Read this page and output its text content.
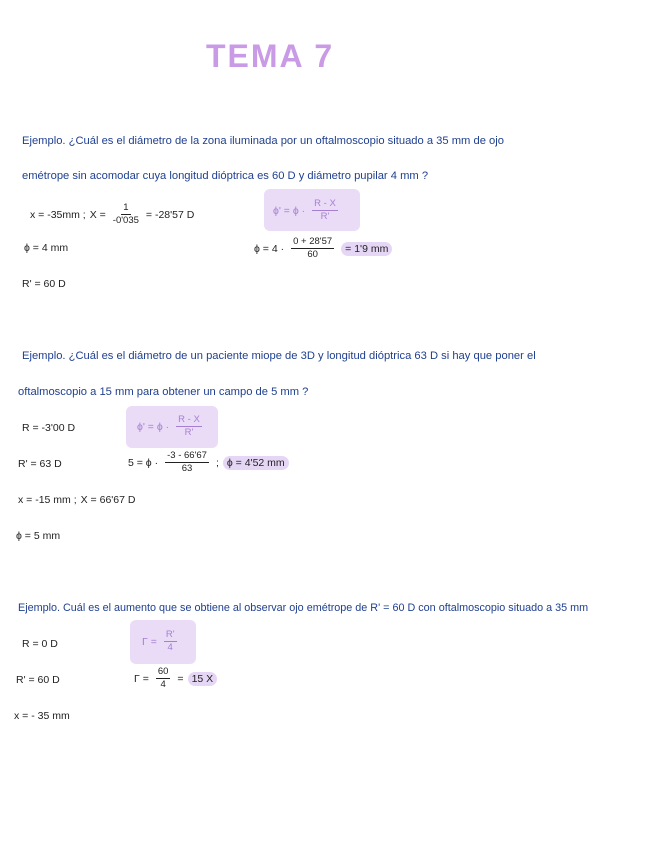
TEMA 7
Ejemplo. ¿Cuál es el diámetro de la zona iluminada por un oftalmoscopio situado a 35 mm de ojo
emétrope sin acomodar cuya longitud dióptrica es 60 D y diámetro pupilar 4 mm ?
x = -35mm ; $X = \frac{1}{-0'035} = -28'57$ D
ϕ = 4 mm
R' = 60 D
$\phi' = \phi \cdot \frac{R - X}{R'}$
$\phi = 4 \cdot \frac{0 + 28'57}{60}$	= 1'9 mm
Ejemplo. ¿Cuál es el diámetro de un paciente miope de 3D y longitud dióptrica 63 D si hay que poner el
oftalmoscopio a 15 mm para obtener un campo de 5 mm ?
R = -3'00 D
R' = 63 D
x = -15 mm ; X = 66'67 D
ϕ = 5 mm
$\phi' = \phi \cdot \frac{R - X}{R'}$
$5 = \phi \cdot \frac{-3 - 66'67}{63}$ ; ϕ = 4'52 mm
Ejemplo. Cuál es el aumento que se obtiene al observar ojo emétrope de R' = 60 D con oftalmoscopio situado a 35 mm
R = 0 D
R' = 60 D
x = - 35 mm
$\Gamma = \frac{R'}{4}$
$\Gamma = \frac{60}{4} = 15$ X
